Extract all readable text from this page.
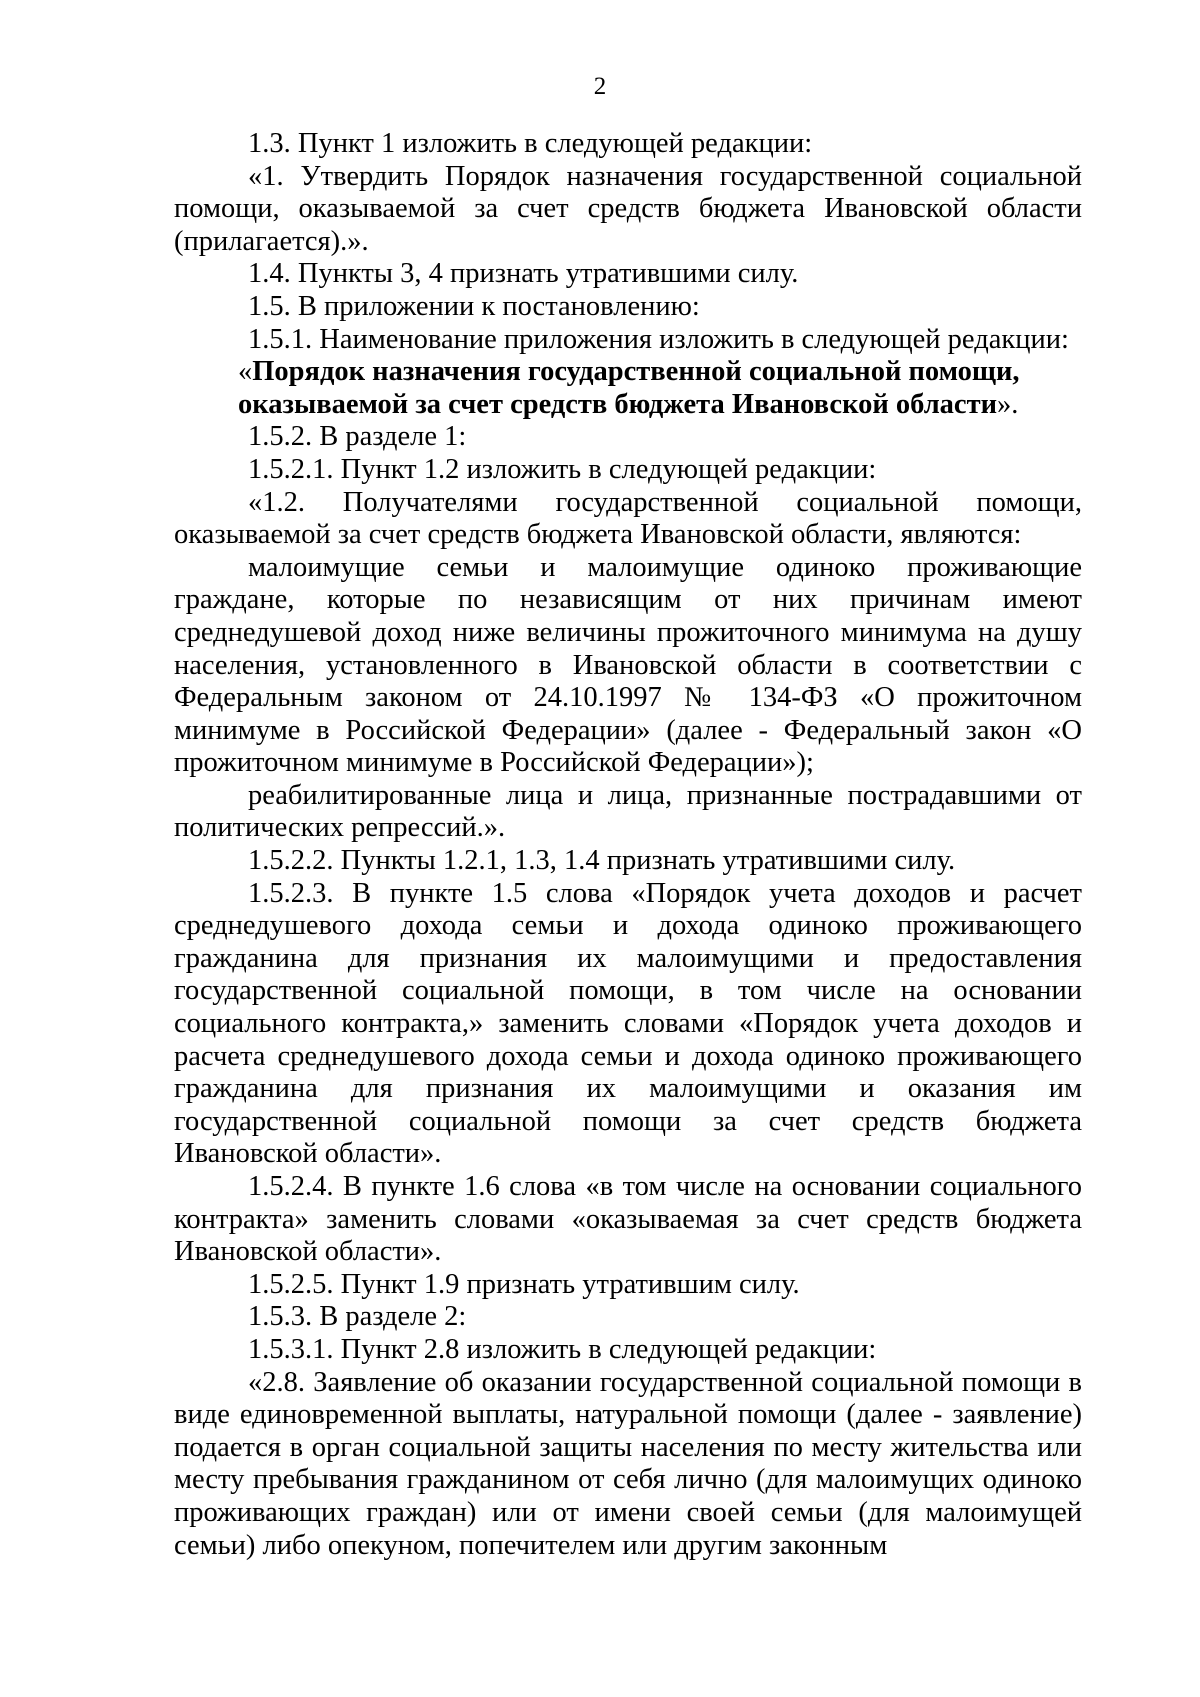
2

1.3. Пункт 1 изложить в следующей редакции:

«1. Утвердить Порядок назначения государственной социальной помощи, оказываемой за счет средств бюджета Ивановской области (прилагается).».

1.4. Пункты 3, 4 признать утратившими силу.

1.5. В приложении к постановлению:

1.5.1. Наименование приложения изложить в следующей редакции:

«Порядок назначения государственной социальной помощи,

оказываемой за счет средств бюджета Ивановской области».

1.5.2. В разделе 1:

1.5.2.1. Пункт 1.2 изложить в следующей редакции:

«1.2. Получателями государственной социальной помощи, оказываемой за счет средств бюджета Ивановской области, являются:

малоимущие семьи и малоимущие одиноко проживающие граждане, которые по независящим от них причинам имеют среднедушевой доход ниже величины прожиточного минимума на душу населения, установленного в Ивановской области в соответствии с Федеральным законом от 24.10.1997 № 134-ФЗ «О прожиточном минимуме в Российской Федерации» (далее - Федеральный закон «О прожиточном минимуме в Российской Федерации»);

реабилитированные лица и лица, признанные пострадавшими от политических репрессий.».

1.5.2.2. Пункты 1.2.1, 1.3, 1.4 признать утратившими силу.

1.5.2.3. В пункте 1.5 слова «Порядок учета доходов и расчет среднедушевого дохода семьи и дохода одиноко проживающего гражданина для признания их малоимущими и предоставления государственной социальной помощи, в том числе на основании социального контракта,» заменить словами «Порядок учета доходов и расчета среднедушевого дохода семьи и дохода одиноко проживающего гражданина для признания их малоимущими и оказания им государственной социальной помощи за счет средств бюджета Ивановской области».

1.5.2.4. В пункте 1.6 слова «в том числе на основании социального контракта» заменить словами «оказываемая за счет средств бюджета Ивановской области».

1.5.2.5. Пункт 1.9 признать утратившим силу.

1.5.3. В разделе 2:

1.5.3.1. Пункт 2.8 изложить в следующей редакции:

«2.8. Заявление об оказании государственной социальной помощи в виде единовременной выплаты, натуральной помощи (далее - заявление) подается в орган социальной защиты населения по месту жительства или месту пребывания гражданином от себя лично (для малоимущих одиноко проживающих граждан) или от имени своей семьи (для малоимущей семьи) либо опекуном, попечителем или другим законным
